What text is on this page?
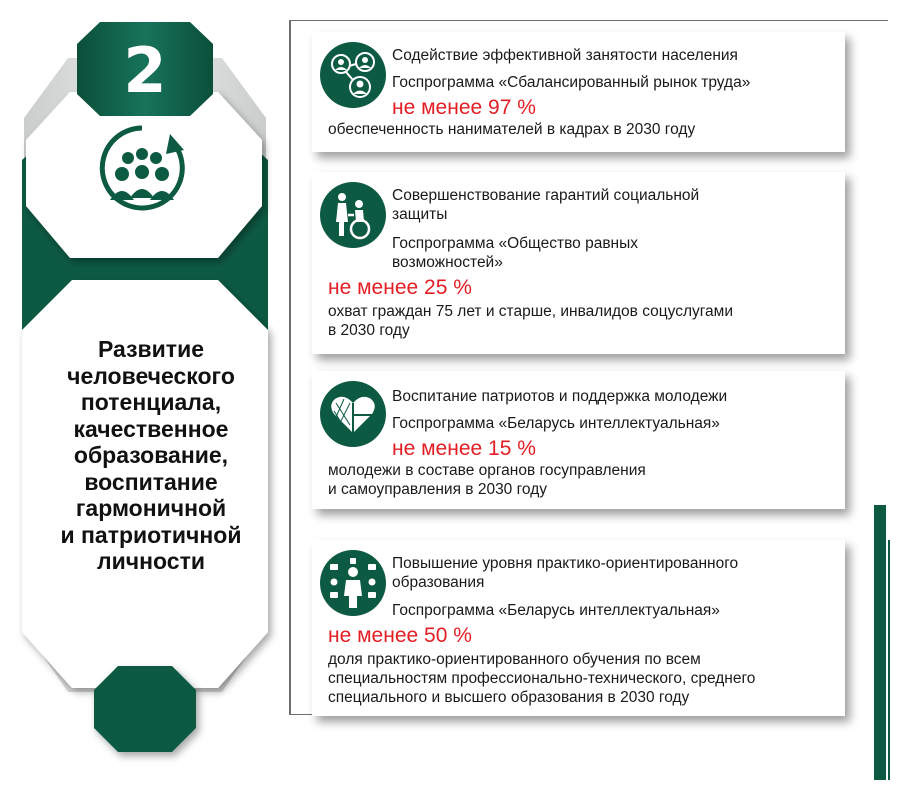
2
Развитие
человеческого
потенциала,
качественное
образование,
воспитание
гармоничной
и патриотичной
личности
Содействие эффективной занятости населения
Госпрограмма «Сбалансированный рынок труда»
не менее 97 %
обеспеченность нанимателей в кадрах в 2030 году
Совершенствование гарантий социальной
защиты
Госпрограмма «Общество равных
возможностей»
не менее 25 %
охват граждан 75 лет и старше, инвалидов соцуслугами
в 2030 году
Воспитание патриотов и поддержка молодежи
Госпрограмма «Беларусь интеллектуальная»
не менее 15 %
молодежи в составе органов госуправления
и самоуправления в 2030 году
Повышение уровня практико-ориентированного
образования
Госпрограмма «Беларусь интеллектуальная»
не менее 50 %
доля практико-ориентированного обучения по всем
специальностям профессионально-технического, среднего
специального и высшего образования в 2030 году
